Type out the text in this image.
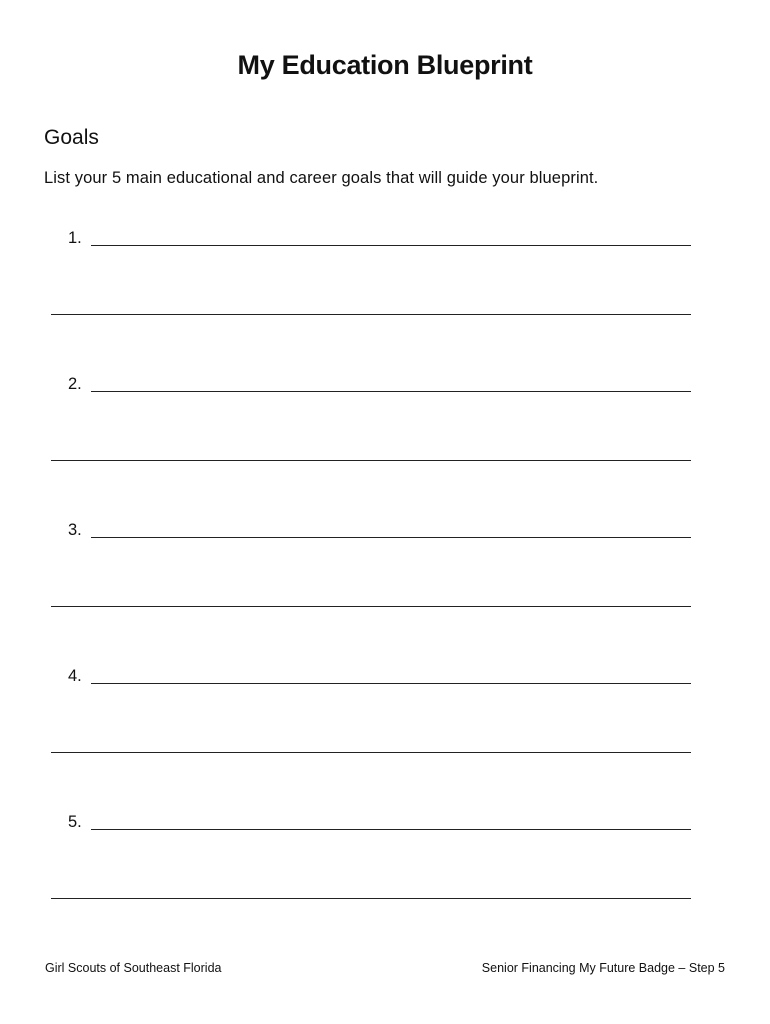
My Education Blueprint
Goals
List your 5 main educational and career goals that will guide your blueprint.
1.
2.
3.
4.
5.
Girl Scouts of Southeast Florida	Senior Financing My Future Badge – Step 5
